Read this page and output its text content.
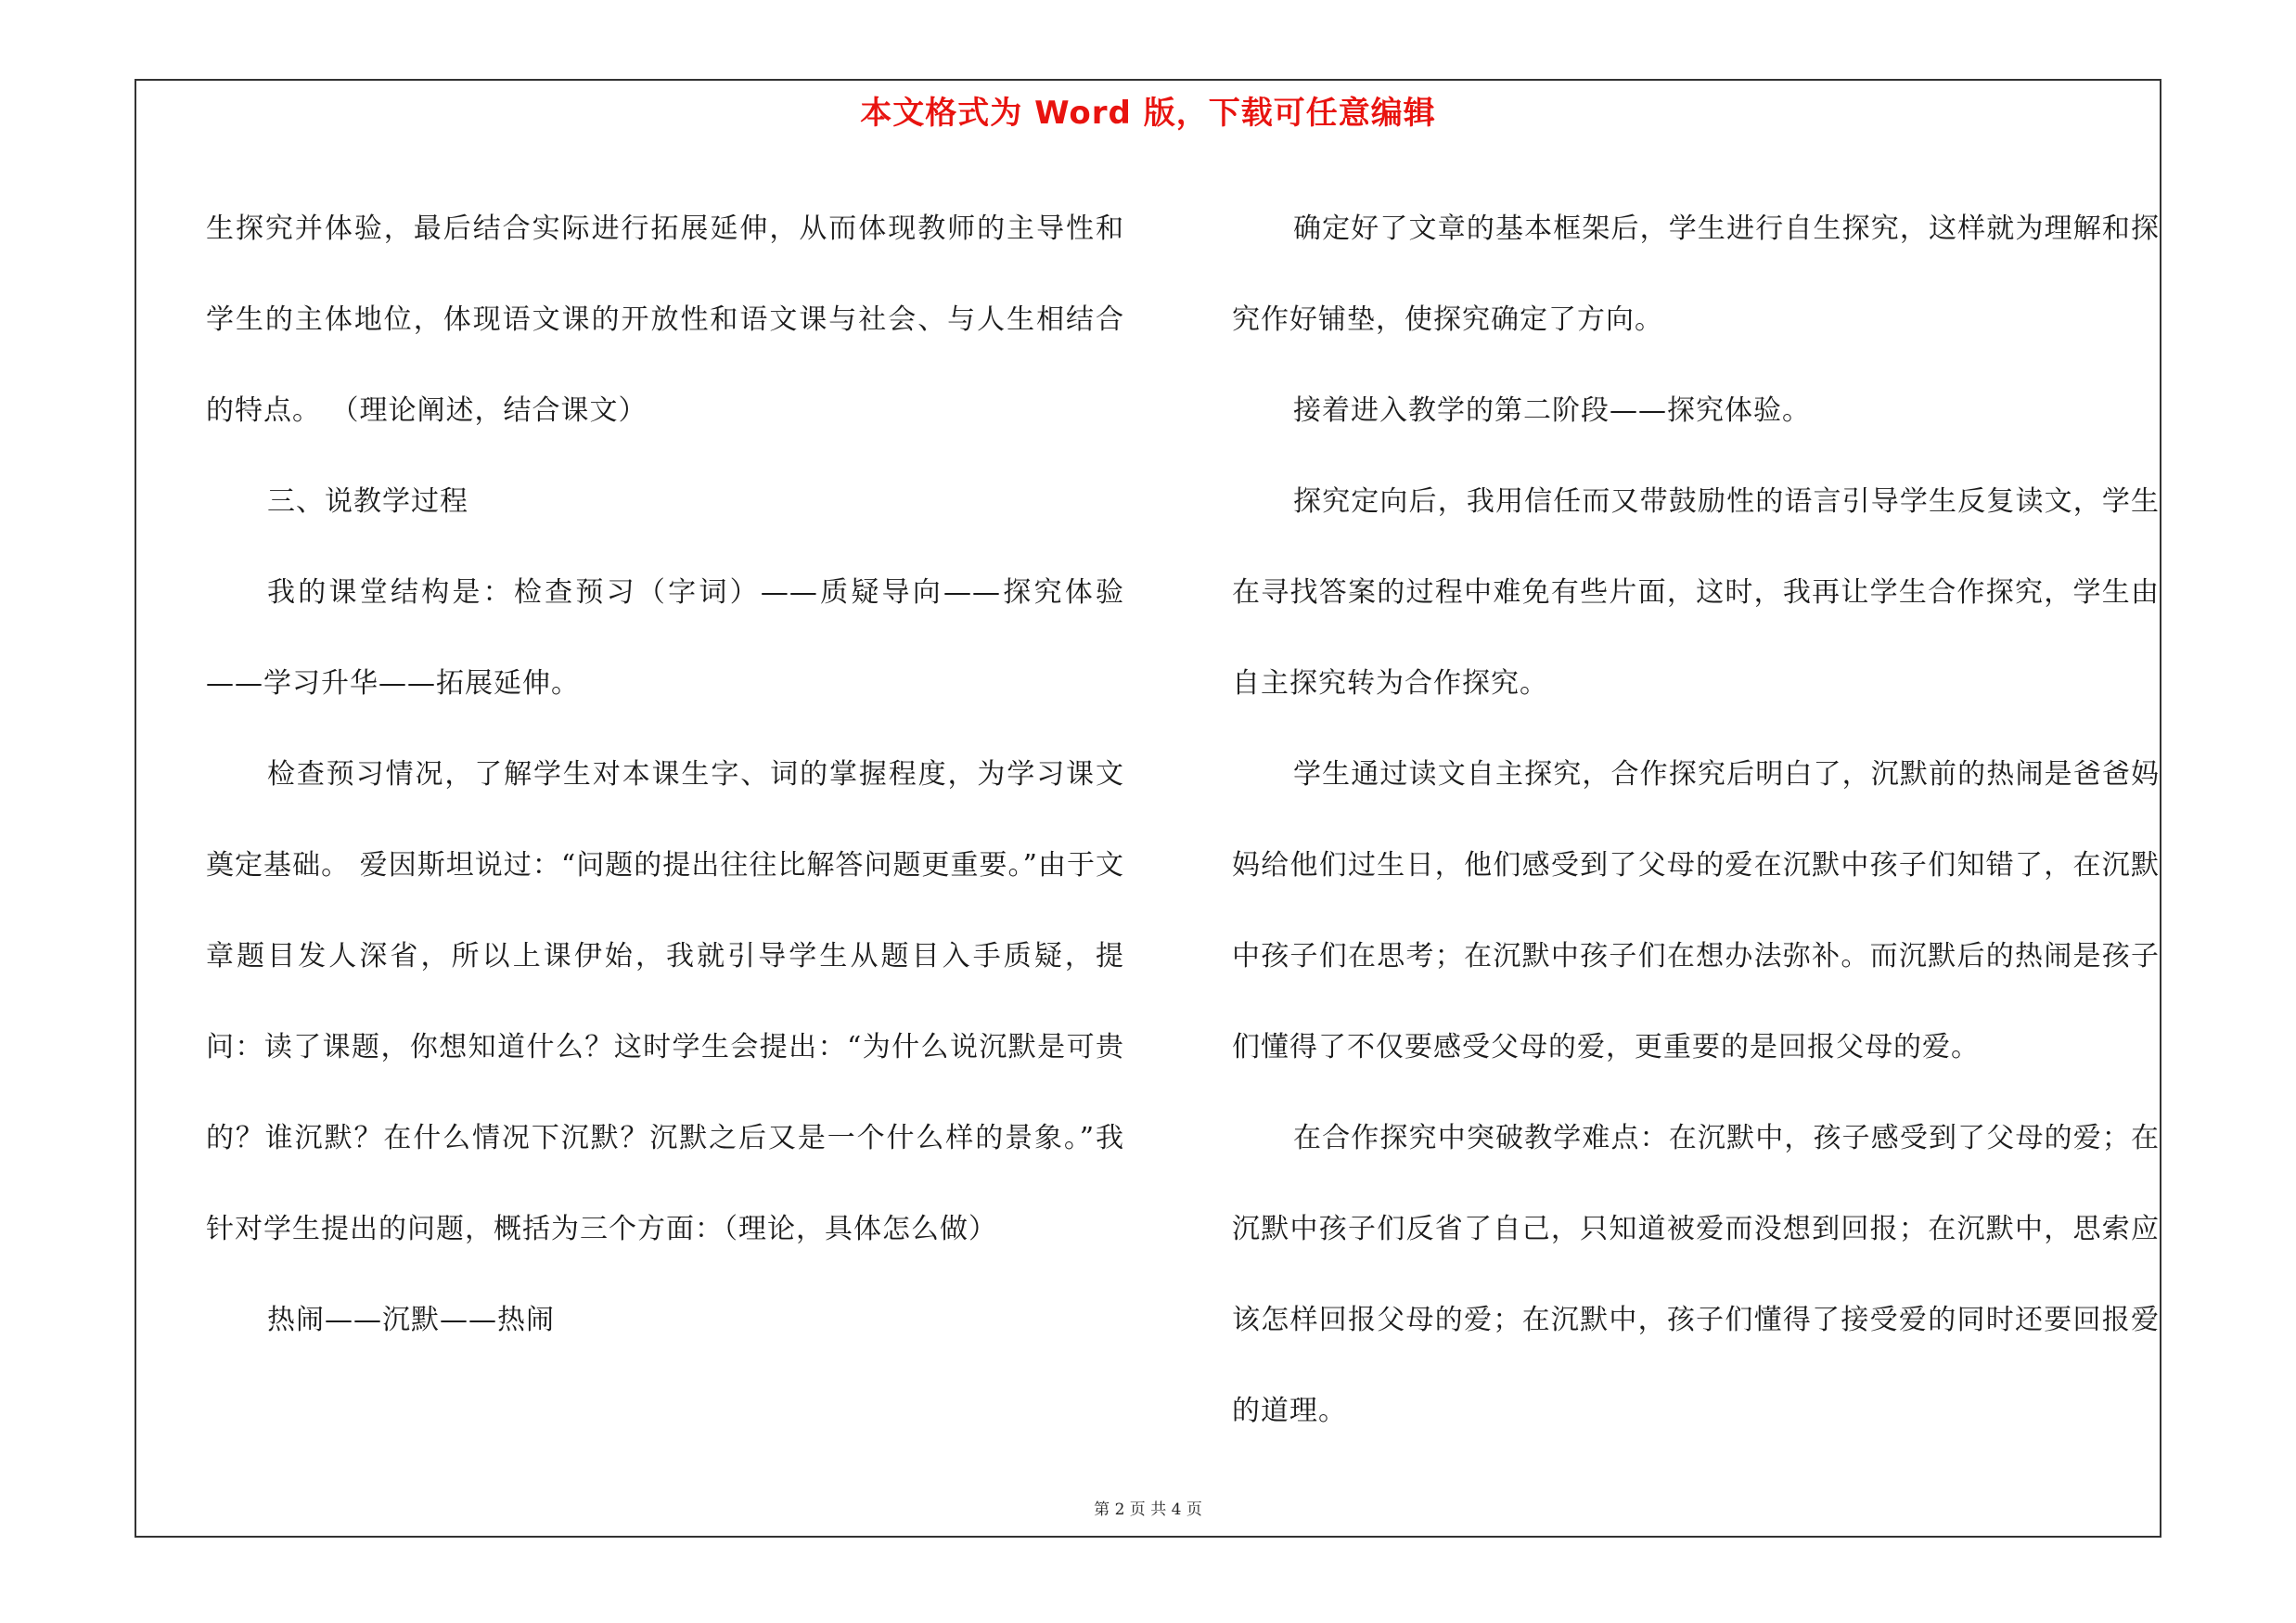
本文格式为 Word 版，下载可任意编辑

生探究并体验，最后结合实际进行拓展延伸，从而体现教师的主导性和学生的主体地位，体现语文课的开放性和语文课与社会、与人生相结合的特点。 （理论阐述，结合课文）

三、说教学过程

我的课堂结构是：检查预习（字词）——质疑导向——探究体验——学习升华——拓展延伸。

检查预习情况，了解学生对本课生字、词的掌握程度，为学习课文奠定基础。 爱因斯坦说过：“问题的提出往往比解答问题更重要。”由于文章题目发人深省，所以上课伊始，我就引导学生从题目入手质疑，提问：读了课题，你想知道什么？这时学生会提出：“为什么说沉默是可贵的？谁沉默？在什么情况下沉默？沉默之后又是一个什么样的景象。”我针对学生提出的问题，概括为三个方面：（理论，具体怎么做）

热闹——沉默——热闹

确定好了文章的基本框架后，学生进行自生探究，这样就为理解和探究作好铺垫，使探究确定了方向。

接着进入教学的第二阶段——探究体验。

探究定向后，我用信任而又带鼓励性的语言引导学生反复读文，学生在寻找答案的过程中难免有些片面，这时，我再让学生合作探究，学生由自主探究转为合作探究。

学生通过读文自主探究，合作探究后明白了，沉默前的热闹是爸爸妈妈给他们过生日，他们感受到了父母的爱在沉默中孩子们知错了，在沉默中孩子们在思考；在沉默中孩子们在想办法弥补。而沉默后的热闹是孩子们懂得了不仅要感受父母的爱，更重要的是回报父母的爱。

在合作探究中突破教学难点：在沉默中，孩子感受到了父母的爱；在沉默中孩子们反省了自己，只知道被爱而没想到回报；在沉默中，思索应该怎样回报父母的爱；在沉默中，孩子们懂得了接受爱的同时还要回报爱的道理。

第 2 页 共 4 页
